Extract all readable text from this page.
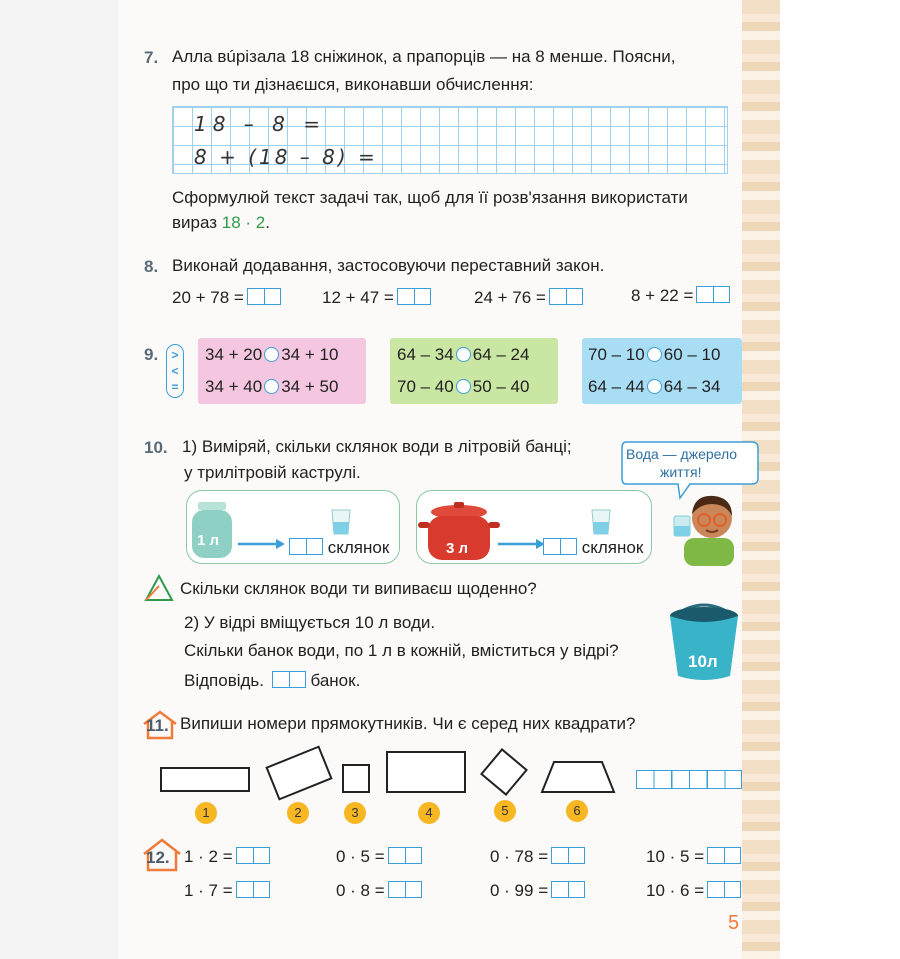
7. Алла вúрізала 18 сніжинок, а прапорців — на 8 менше. Поясни,
про що ти дізнаєшся, виконавши обчислення:
18 – 8 =
8 + (18 – 8) =
Сформулюй текст задачі так, щоб для її розв'язання використати
вираз 18 · 2.
8. Виконай додавання, застосовуючи переставний закон.
20 + 78 =	12 + 47 =	24 + 76 =	8 + 22 =
9.	> < =
34 + 20 34 + 10
34 + 40 34 + 50
64 – 34 64 – 24
70 – 40 50 – 40
70 – 10 60 – 10
64 – 44 64 – 34
10. 1) Виміряй, скільки склянок води в літровій банці;
у трилітровій каструлі.
Вода — джерело
життя!
1 л	склянок	3 л	склянок
Скільки склянок води ти випиваєш щоденно?
2) У відрі вміщується 10 л води.
Скільки банок води, по 1 л в кожній, вміститься у відрі?
Відповідь.	банок.
10л
11. Випиши номери прямокутників. Чи є серед них квадрати?
1	2	3	4	5	6
12. 1 · 2 =	0 · 5 =	0 · 78 =	10 · 5 =
1 · 7 =	0 · 8 =	0 · 99 =	10 · 6 =
5
